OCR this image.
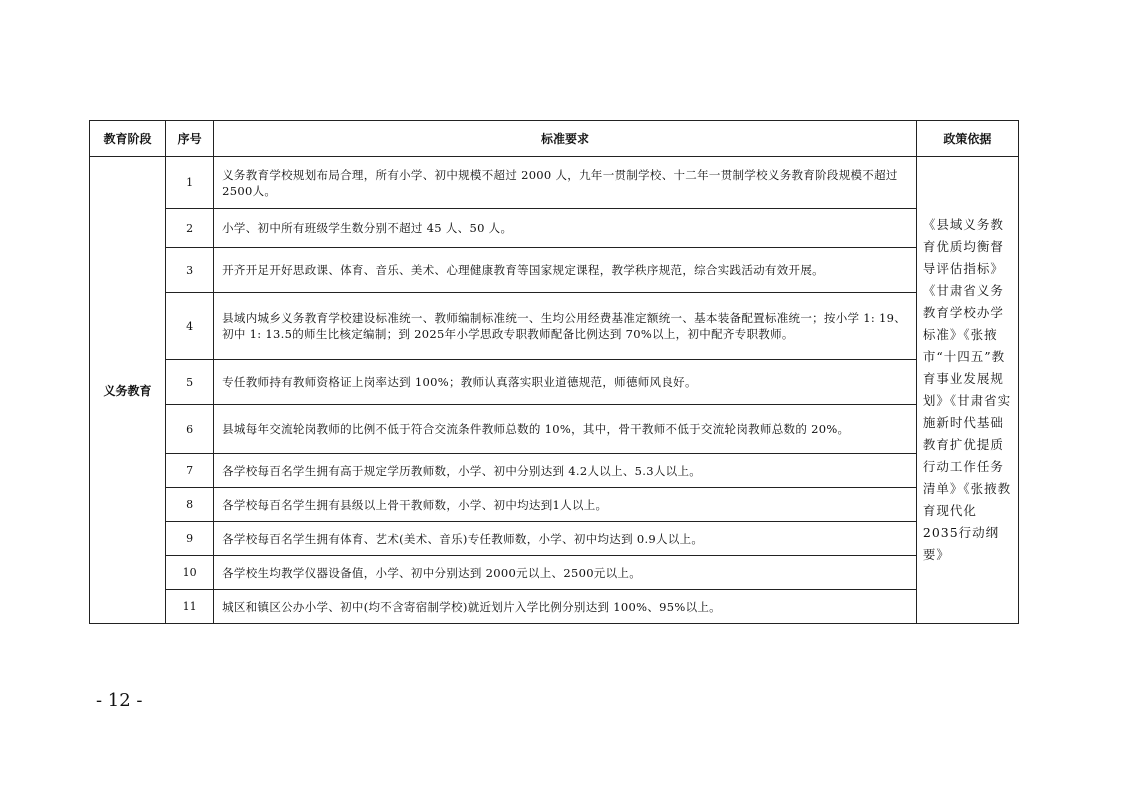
教育阶段	序号	标准要求	政策依据
义务教育	1	义务教育学校规划布局合理，所有小学、初中规模不超过 2000 人，九年一贯制学校、十二年一贯制学校义务教育阶段规模不超过2500人。	《县域义务教育优质均衡督导评估指标》《甘肃省义务教育学校办学标准》《张掖市“十四五”教育事业发展规划》《甘肃省实施新时代基础教育扩优提质行动工作任务清单》《张掖教育现代化2035行动纲要》
	2	小学、初中所有班级学生数分别不超过 45 人、50 人。	
	3	开齐开足开好思政课、体育、音乐、美术、心理健康教育等国家规定课程，教学秩序规范，综合实践活动有效开展。	
	4	县域内城乡义务教育学校建设标准统一、教师编制标准统一、生均公用经费基准定额统一、基本装备配置标准统一；按小学 1: 19、初中 1: 13.5的师生比核定编制；到 2025年小学思政专职教师配备比例达到 70%以上，初中配齐专职教师。	
	5	专任教师持有教师资格证上岗率达到 100%；教师认真落实职业道德规范，师德师风良好。	
	6	县城每年交流轮岗教师的比例不低于符合交流条件教师总数的 10%，其中，骨干教师不低于交流轮岗教师总数的 20%。	
	7	各学校每百名学生拥有高于规定学历教师数，小学、初中分别达到 4.2人以上、5.3人以上。	
	8	各学校每百名学生拥有县级以上骨干教师数，小学、初中均达到1人以上。	
	9	各学校每百名学生拥有体育、艺术(美术、音乐)专任教师数，小学、初中均达到 0.9人以上。	
	10	各学校生均教学仪器设备值，小学、初中分别达到 2000元以上、2500元以上。	
	11	城区和镇区公办小学、初中(均不含寄宿制学校)就近划片入学比例分别达到 100%、95%以上。	
- 12 -
